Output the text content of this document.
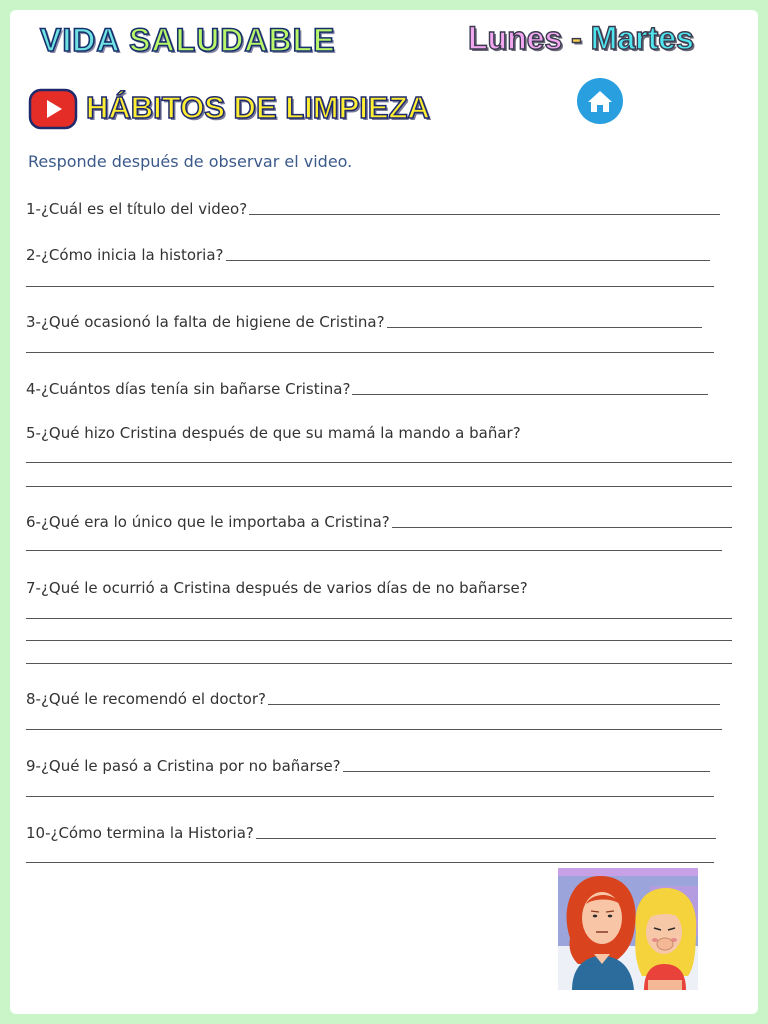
VIDA SALUDABLE	Lunes - Martes
HÁBITOS DE LIMPIEZA
Responde después de observar el video.
1-¿Cuál es el título del video?
2-¿Cómo inicia la historia?
3-¿Qué ocasionó la falta de higiene de Cristina?
4-¿Cuántos días tenía sin bañarse Cristina?
5-¿Qué hizo Cristina después de que su mamá la mando a bañar?
6-¿Qué era lo único que le importaba a Cristina?
7-¿Qué le ocurrió a Cristina después de varios días de no bañarse?
8-¿Qué le recomendó el doctor?
9-¿Qué le pasó a Cristina por no bañarse?
10-¿Cómo termina la Historia?
